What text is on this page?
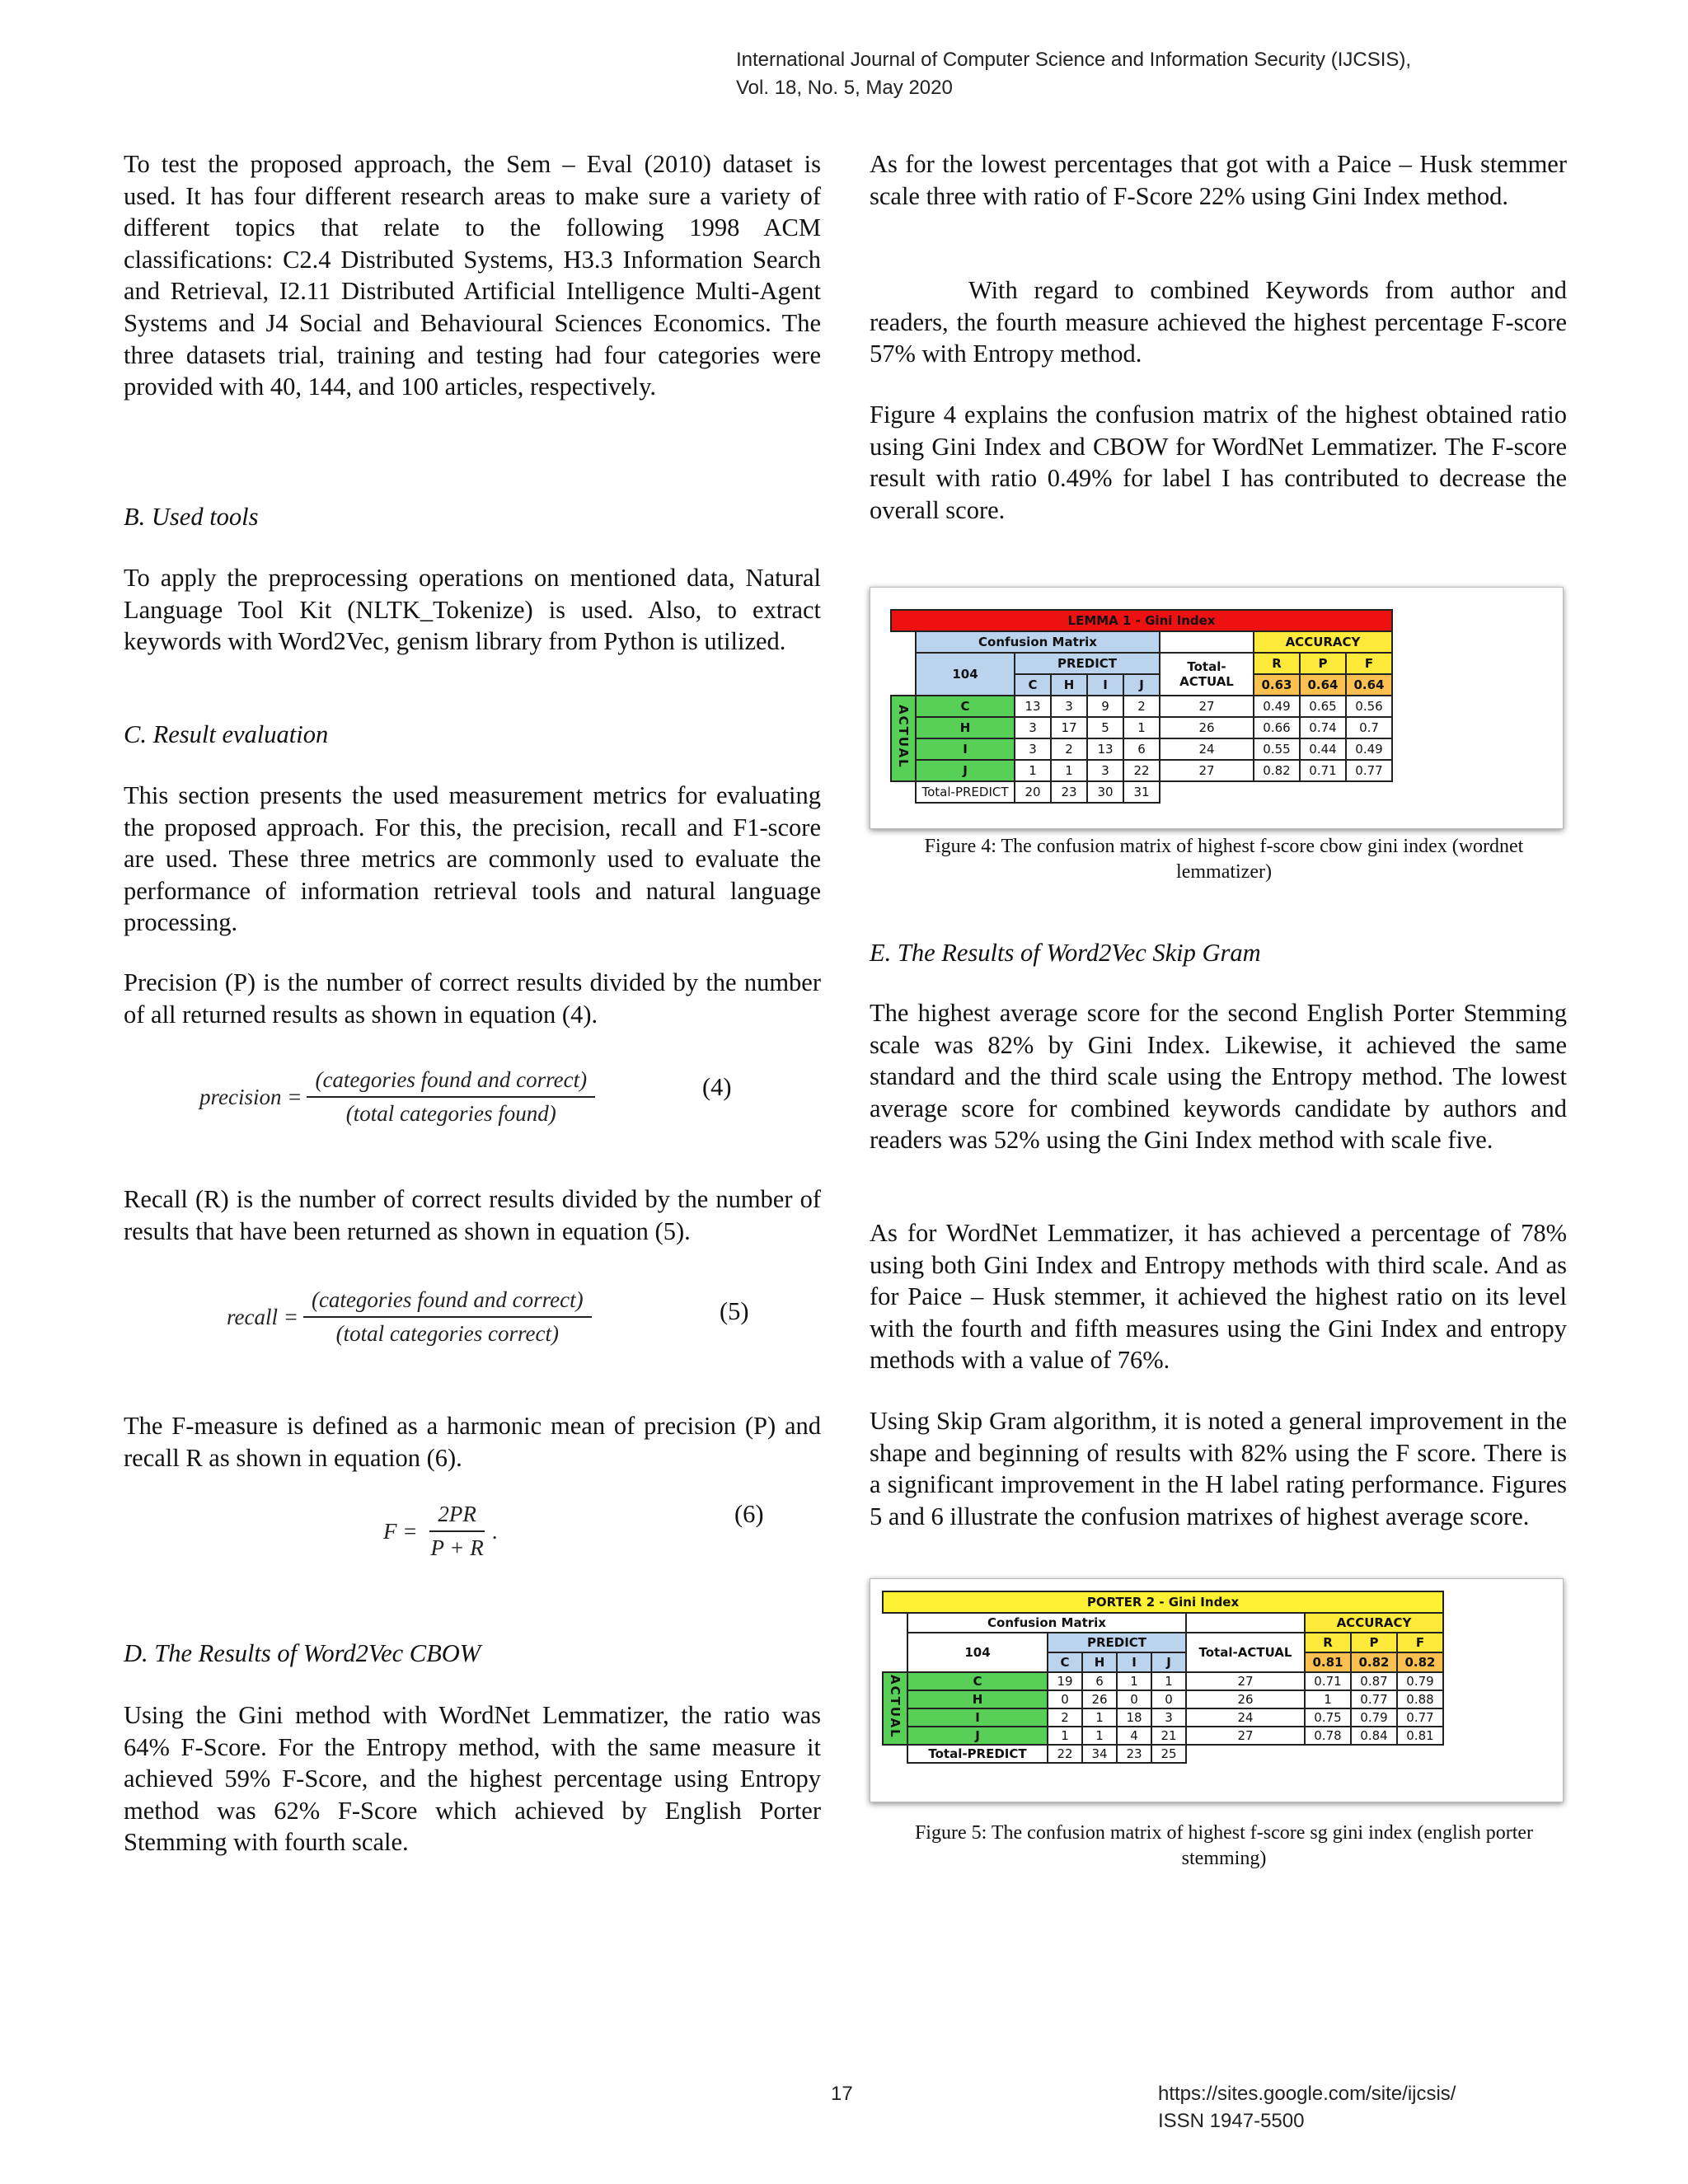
International Journal of Computer Science and Information Security (IJCSIS),
Vol. 18, No. 5, May 2020

To test the proposed approach, the Sem – Eval (2010) dataset is used. It has four different research areas to make sure a variety of different topics that relate to the following 1998 ACM classifications: C2.4 Distributed Systems, H3.3 Information Search and Retrieval, I2.11 Distributed Artificial Intelligence Multi-Agent Systems and J4 Social and Behavioural Sciences Economics. The three datasets trial, training and testing had four categories were provided with 40, 144, and 100 articles, respectively.

B. Used tools
To apply the preprocessing operations on mentioned data, Natural Language Tool Kit (NLTK_Tokenize) is used. Also, to extract keywords with Word2Vec, genism library from Python is utilized.
C. Result evaluation
This section presents the used measurement metrics for evaluating the proposed approach. For this, the precision, recall and F1-score are used. These three metrics are commonly used to evaluate the performance of information retrieval tools and natural language processing.
Precision (P) is the number of correct results divided by the number of all returned results as shown in equation (4).
precision = $\frac{\text{(categories found and correct)}}{\text{(total categories found)}}$	(4)
Recall (R) is the number of correct results divided by the number of results that have been returned as shown in equation (5).
recall = $\frac{\text{(categories found and correct)}}{\text{(total categories correct)}}$	(5)
The F-measure is defined as a harmonic mean of precision (P) and recall R as shown in equation (6).
$F = \frac{2PR}{P + R}$ .
(6)
D. The Results of Word2Vec CBOW
Using the Gini method with WordNet Lemmatizer, the ratio was 64% F-Score. For the Entropy method, with the same measure it achieved 59% F-Score, and the highest percentage using Entropy method was 62% F-Score which achieved by English Porter Stemming with fourth scale.
As for the lowest percentages that got with a Paice – Husk stemmer scale three with ratio of F-Score 22% using Gini Index method.
With regard to combined Keywords from author and readers, the fourth measure achieved the highest percentage F-score 57% with Entropy method.
Figure 4 explains the confusion matrix of the highest obtained ratio using Gini Index and CBOW for WordNet Lemmatizer. The F-score result with ratio 0.49% for label I has contributed to decrease the overall score.
LEMMA 1 - Gini Index									
	Confusion Matrix						ACCURACY		
	104	PREDICT				Total-ACTUAL	R	P	F
		C	H	I	J		0.63	0.64	0.64
ACTUAL	C	13	3	9	2	27	0.49	0.65	0.56
	H	3	17	5	1	26	0.66	0.74	0.7
	I	3	2	13	6	24	0.55	0.44	0.49
	J	1	1	3	22	27	0.82	0.71	0.77
	Total-PREDICT	20	23	30	31				
Figure 4: The confusion matrix of highest f-score cbow gini index (wordnet lemmatizer)
E. The Results of Word2Vec Skip Gram
The highest average score for the second English Porter Stemming scale was 82% by Gini Index. Likewise, it achieved the same standard and the third scale using the Entropy method. The lowest average score for combined keywords candidate by authors and readers was 52% using the Gini Index method with scale five.
As for WordNet Lemmatizer, it has achieved a percentage of 78% using both Gini Index and Entropy methods with third scale. And as for Paice – Husk stemmer, it achieved the highest ratio on its level with the fourth and fifth measures using the Gini Index and entropy methods with a value of 76%.
Using Skip Gram algorithm, it is noted a general improvement in the shape and beginning of results with 82% using the F score. There is a significant improvement in the H label rating performance. Figures 5 and 6 illustrate the confusion matrixes of highest average score.
PORTER 2 - Gini Index									
	Confusion Matrix						ACCURACY		
	104	PREDICT				Total-ACTUAL	R	P	F
		C	H	I	J		0.81	0.82	0.82
ACTUAL	C	19	6	1	1	27	0.71	0.87	0.79
	H	0	26	0	0	26	1	0.77	0.88
	I	2	1	18	3	24	0.75	0.79	0.77
	J	1	1	4	21	27	0.78	0.84	0.81
	Total-PREDICT	22	34	23	25				
Figure 5: The confusion matrix of highest f-score sg gini index (english porter stemming)
17	https://sites.google.com/site/ijcsis/
ISSN 1947-5500
